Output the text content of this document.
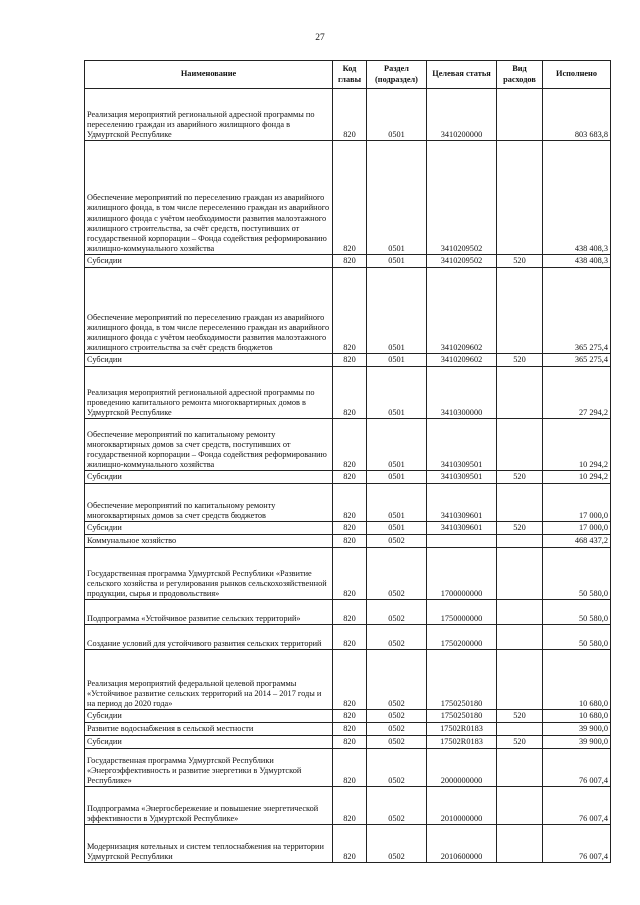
27
Наименование	Код главы	Раздел (подраздел)	Целевая статья	Вид расходов	Исполнено
Реализация мероприятий региональной адресной программы по переселению граждан из аварийного жилищного фонда в Удмуртской Республике	820	0501	3410200000		803 683,8
Обеспечение мероприятий по переселению граждан из аварийного жилищного фонда, в том числе переселению граждан из аварийного жилищного фонда с учётом необходимости развития малоэтажного жилищного строительства, за счёт средств, поступивших от государственной корпорации – Фонда содействия реформированию жилищно-коммунального хозяйства	820	0501	3410209502		438 408,3
Субсидии	820	0501	3410209502	520	438 408,3
Обеспечение мероприятий по переселению граждан из аварийного жилищного фонда, в том числе переселению граждан из аварийного жилищного фонда с учётом необходимости развития малоэтажного жилищного строительства за счёт средств бюджетов	820	0501	3410209602		365 275,4
Субсидии	820	0501	3410209602	520	365 275,4
Реализация мероприятий региональной адресной программы по проведению капитального ремонта многоквартирных домов в Удмуртской Республике	820	0501	3410300000		27 294,2
Обеспечение мероприятий по капитальному ремонту многоквартирных домов за счет средств, поступивших от государственной корпорации – Фонда содействия реформированию жилищно-коммунального хозяйства	820	0501	3410309501		10 294,2
Субсидии	820	0501	3410309501	520	10 294,2
Обеспечение мероприятий по капитальному ремонту многоквартирных домов за счет средств бюджетов	820	0501	3410309601		17 000,0
Субсидии	820	0501	3410309601	520	17 000,0
Коммунальное хозяйство	820	0502			468 437,2
Государственная программа Удмуртской Республики «Развитие сельского хозяйства и регулирования рынков сельскохозяйственной продукции, сырья и продовольствия»	820	0502	1700000000		50 580,0
Подпрограмма «Устойчивое развитие сельских территорий»	820	0502	1750000000		50 580,0
Создание условий для устойчивого развития сельских территорий	820	0502	1750200000		50 580,0
Реализация мероприятий федеральной целевой программы «Устойчивое развитие сельских территорий на 2014 – 2017 годы и на период до 2020 года»	820	0502	1750250180		10 680,0
Субсидии	820	0502	1750250180	520	10 680,0
Развитие водоснабжения в сельской местности	820	0502	17502R0183		39 900,0
Субсидии	820	0502	17502R0183	520	39 900,0
Государственная программа Удмуртской Республики «Энергоэффективность и развитие энергетики в Удмуртской Республике»	820	0502	2000000000		76 007,4
Подпрограмма «Энергосбережение и повышение энергетической эффективности в Удмуртской Республике»	820	0502	2010000000		76 007,4
Модернизация котельных и систем теплоснабжения на территории Удмуртской Республики	820	0502	2010600000		76 007,4
